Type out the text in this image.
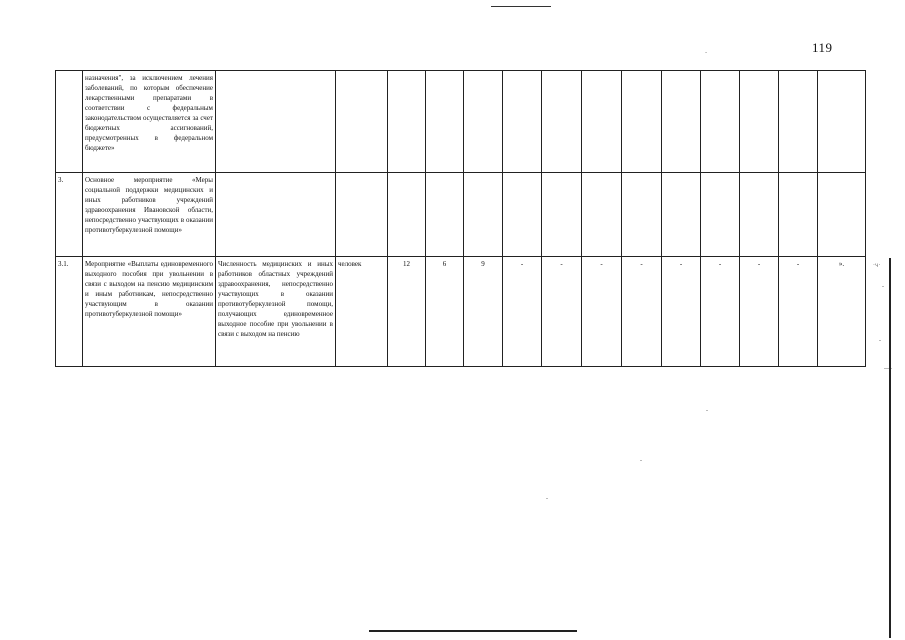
119
	назначения", за исключением лечения заболеваний, по которым обеспечение лекарственными препаратами в соответствии с федеральным законодательством осуществляется за счет бюджетных ассигнований, предусмотренных в федеральном бюджете»														
3.	Основное мероприятие «Меры социальной поддержки медицинских и иных работников учреждений здравоохранения Ивановской области, непосредственно участвующих в оказании противотуберкулезной помощи»														
3.1.	Мероприятие «Выплаты единовременного выходного пособия при увольнении в связи с выходом на пенсию медицинским и иным работникам, непосредственно участвующим в оказании противотуберкулезной помощи»	Численность медицинских и иных работников областных учреждений здравоохранения, непосредственно участвующих в оказании противотуберкулезной помощи, получающих единовременное выходное пособие при увольнении в связи с выходом на пенсию	человек	12	6	9	-	-	-	-	-	-	-	-	».
-
·ч·
